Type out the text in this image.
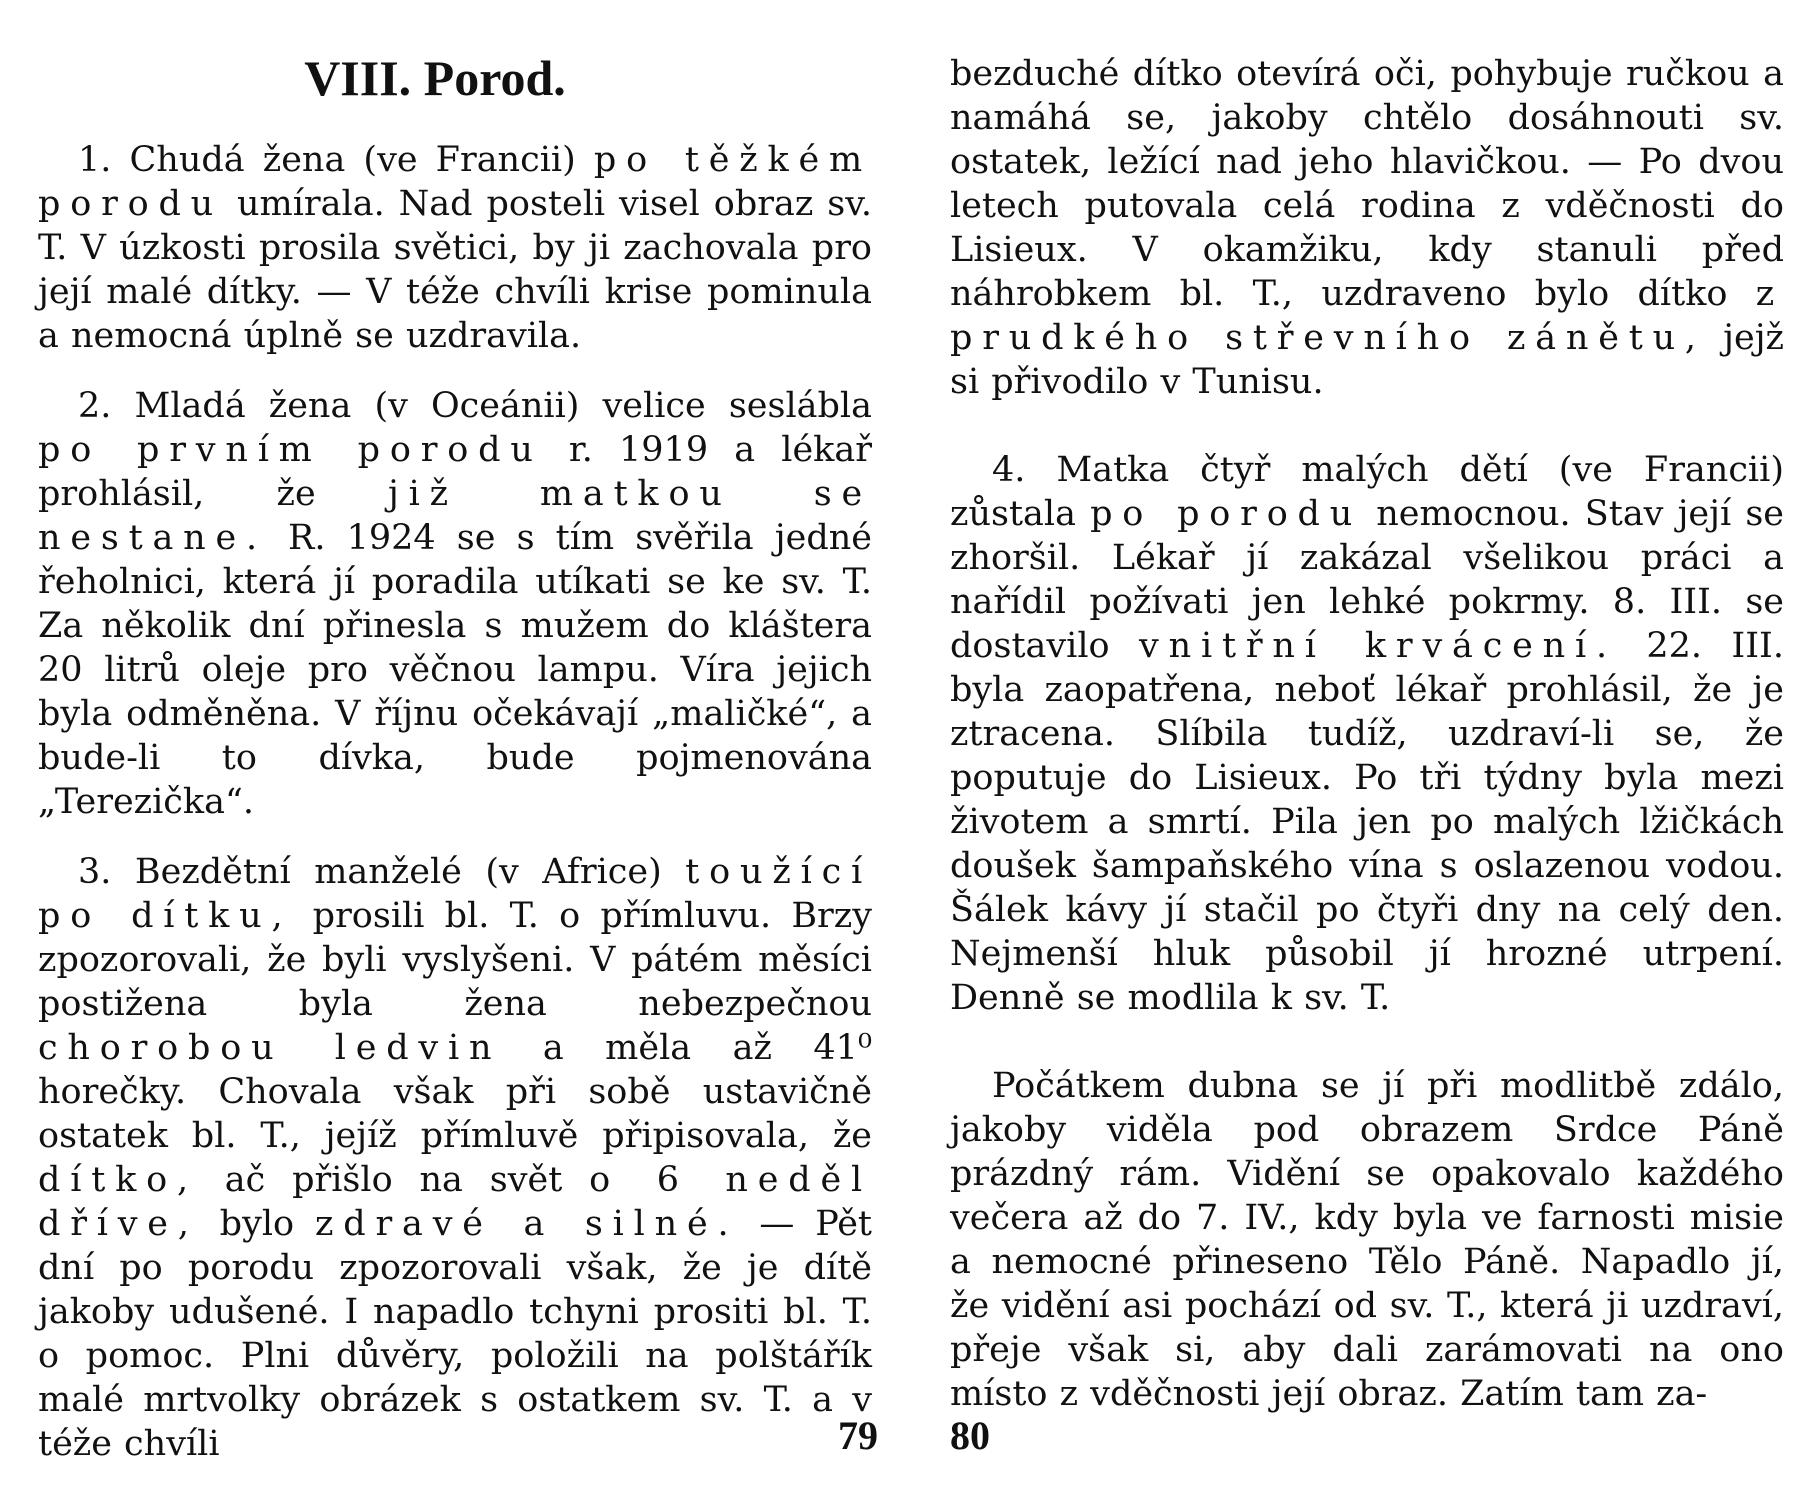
VIII. Porod.

1. Chudá žena (ve Francii) po těžkém porodu umírala. Nad posteli visel obraz sv. T. V úzkosti prosila světici, by ji zachovala pro její malé dítky. — V téže chvíli krise pominula a nemocná úplně se uzdravila.

2. Mladá žena (v Oceánii) velice seslábla po prvním porodu r. 1919 a lékař prohlásil, že již matkou se nestane. R. 1924 se s tím svěřila jedné řeholnici, která jí poradila utíkati se ke sv. T. Za několik dní přinesla s mužem do kláštera 20 litrů oleje pro věčnou lampu. Víra jejich byla odměněna. V říjnu očekávají „maličké“, a bude-li to dívka, bude pojmenována „Terezička“.

3. Bezdětní manželé (v Africe) toužící po dítku, prosili bl. T. o přímluvu. Brzy zpozorovali, že byli vyslyšeni. V pátém měsíci postižena byla žena nebezpečnou chorobou ledvin a měla až 41⁰ horečky. Chovala však při sobě ustavičně ostatek bl. T., jejíž přímluvě připisovala, že dítko, ač přišlo na svět o 6 neděl dříve, bylo zdravé a silné. — Pět dní po porodu zpozorovali však, že je dítě jakoby udušené. I napadlo tchyni prositi bl. T. o pomoc. Plni důvěry, položili na polštářík malé mrtvolky obrázek s ostatkem sv. T. a v téže chvíli	79

bezduché dítko otevírá oči, pohybuje ručkou a namáhá se, jakoby chtělo dosáhnouti sv. ostatek, ležící nad jeho hlavičkou. — Po dvou letech putovala celá rodina z vděčnosti do Lisieux. V okamžiku, kdy stanuli před náhrobkem bl. T., uzdraveno bylo dítko z prudkého střevního zánětu, jejž si přivodilo v Tunisu.

4. Matka čtyř malých dětí (ve Francii) zůstala po porodu nemocnou. Stav její se zhoršil. Lékař jí zakázal všelikou práci a nařídil požívati jen lehké pokrmy. 8. III. se dostavilo vnitřní krvácení. 22. III. byla zaopatřena, neboť lékař prohlásil, že je ztracena. Slíbila tudíž, uzdraví-li se, že poputuje do Lisieux. Po tři týdny byla mezi životem a smrtí. Pila jen po malých lžičkách doušek šampaňského vína s oslazenou vodou. Šálek kávy jí stačil po čtyři dny na celý den. Nejmenší hluk působil jí hrozné utrpení. Denně se modlila k sv. T.

Počátkem dubna se jí při modlitbě zdálo, jakoby viděla pod obrazem Srdce Páně prázdný rám. Vidění se opakovalo každého večera až do 7. IV., kdy byla ve farnosti misie a nemocné přineseno Tělo Páně. Napadlo jí, že vidění asi pochází od sv. T., která ji uzdraví, přeje však si, aby dali zarámovati na ono místo z vděčnosti její obraz. Zatím tam za-

80
